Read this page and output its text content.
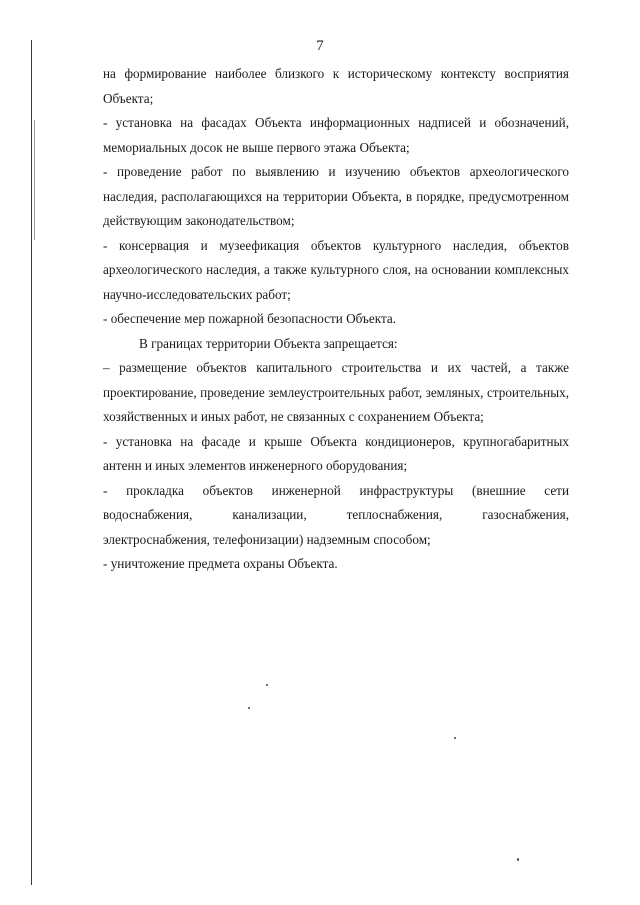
7

на формирование наиболее близкого к историческому контексту восприятия Объекта;

- установка на фасадах Объекта информационных надписей и обозначений, мемориальных досок не выше первого этажа Объекта;

- проведение работ по выявлению и изучению объектов археологического наследия, располагающихся на территории Объекта, в порядке, предусмотренном действующим законодательством;

- консервация и музеефикация объектов культурного наследия, объектов археологического наследия, а также культурного слоя, на основании комплексных научно-исследовательских работ;

- обеспечение мер пожарной безопасности Объекта.

В границах территории Объекта запрещается:

– размещение объектов капитального строительства и их частей, а также проектирование, проведение землеустроительных работ, земляных, строительных, хозяйственных и иных работ, не связанных с сохранением Объекта;

- установка на фасаде и крыше Объекта кондиционеров, крупногабаритных антенн и иных элементов инженерного оборудования;

- прокладка объектов инженерной инфраструктуры (внешние сети водоснабжения, канализации, теплоснабжения, газоснабжения, электроснабжения, телефонизации) надземным способом;

- уничтожение предмета охраны Объекта.
